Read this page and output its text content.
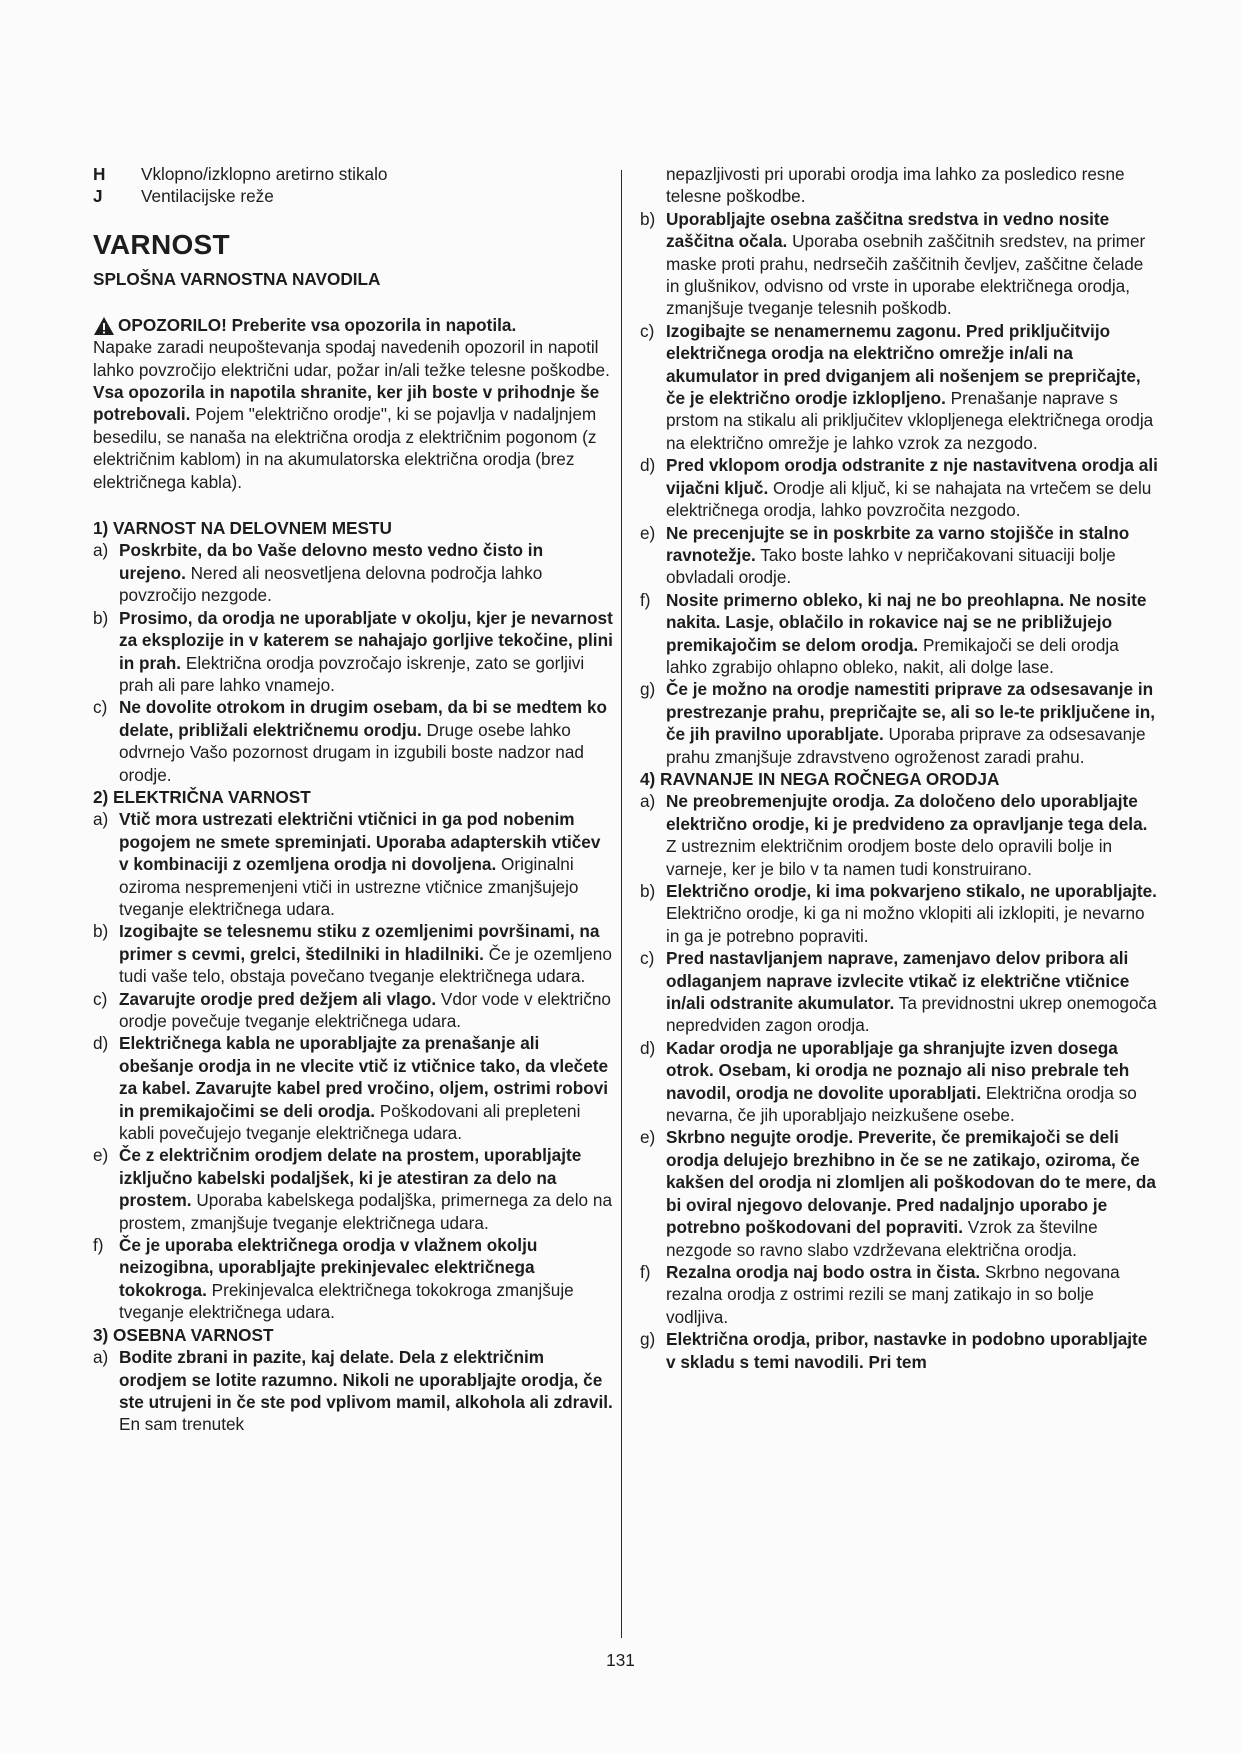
H	Vklopno/izklopno aretirno stikalo
J	Ventilacijske reže
VARNOST
SPLOŠNA VARNOSTNA NAVODILA
OPOZORILO! Preberite vsa opozorila in napotila.

Napake zaradi neupoštevanja spodaj navedenih opozoril in napotil lahko povzročijo električni udar, požar in/ali težke telesne poškodbe. Vsa opozorila in napotila shranite, ker jih boste v prihodnje še potrebovali. Pojem "električno orodje", ki se pojavlja v nadaljnjem besedilu, se nanaša na električna orodja z električnim pogonom (z električnim kablom) in na akumulatorska električna orodja (brez električnega kabla).

1) VARNOST NA DELOVNEM MESTU

a) Poskrbite, da bo Vaše delovno mesto vedno čisto in urejeno. Nered ali neosvetljena delovna področja lahko povzročijo nezgode.
b) Prosimo, da orodja ne uporabljate v okolju, kjer je nevarnost za eksplozije in v katerem se nahajajo gorljive tekočine, plini in prah. Električna orodja povzročajo iskrenje, zato se gorljivi prah ali pare lahko vnamejo.
c) Ne dovolite otrokom in drugim osebam, da bi se medtem ko delate, približali električnemu orodju. Druge osebe lahko odvrnejo Vašo pozornost drugam in izgubili boste nadzor nad orodje.

2) ELEKTRIČNA VARNOST

a) Vtič mora ustrezati električni vtičnici in ga pod nobenim pogojem ne smete spreminjati. Uporaba adapterskih vtičev v kombinaciji z ozemljena orodja ni dovoljena. Originalni oziroma nespremenjeni vtiči in ustrezne vtičnice zmanjšujejo tveganje električnega udara.
b) Izogibajte se telesnemu stiku z ozemljenimi površinami, na primer s cevmi, grelci, štedilniki in hladilniki. Če je ozemljeno tudi vaše telo, obstaja povečano tveganje električnega udara.
c) Zavarujte orodje pred dežjem ali vlago. Vdor vode v električno orodje povečuje tveganje električnega udara.
d) Električnega kabla ne uporabljajte za prenašanje ali obešanje orodja in ne vlecite vtič iz vtičnice tako, da vlečete za kabel. Zavarujte kabel pred vročino, oljem, ostrimi robovi in premikajočimi se deli orodja. Poškodovani ali prepleteni kabli povečujejo tveganje električnega udara.
e) Če z električnim orodjem delate na prostem, uporabljajte izključno kabelski podaljšek, ki je atestiran za delo na prostem. Uporaba kabelskega podaljška, primernega za delo na prostem, zmanjšuje tveganje električnega udara.
f) Če je uporaba električnega orodja v vlažnem okolju neizogibna, uporabljajte prekinjevalec električnega tokokroga. Prekinjevalca električnega tokokroga zmanjšuje tveganje električnega udara.

3) OSEBNA VARNOST

a) Bodite zbrani in pazite, kaj delate. Dela z električnim orodjem se lotite razumno. Nikoli ne uporabljajte orodja, če ste utrujeni in če ste pod vplivom mamil, alkohola ali zdravil. En sam trenutek

nepazljivosti pri uporabi orodja ima lahko za posledico resne telesne poškodbe.

b) Uporabljajte osebna zaščitna sredstva in vedno nosite zaščitna očala. Uporaba osebnih zaščitnih sredstev, na primer maske proti prahu, nedrsečih zaščitnih čevljev, zaščitne čelade in glušnikov, odvisno od vrste in uporabe električnega orodja, zmanjšuje tveganje telesnih poškodb.
c) Izogibajte se nenamernemu zagonu. Pred priključitvijo električnega orodja na električno omrežje in/ali na akumulator in pred dviganjem ali nošenjem se prepričajte, če je električno orodje izklopljeno. Prenašanje naprave s prstom na stikalu ali priključitev vklopljenega električnega orodja na električno omrežje je lahko vzrok za nezgodo.
d) Pred vklopom orodja odstranite z nje nastavitvena orodja ali vijačni ključ. Orodje ali ključ, ki se nahajata na vrtečem se delu električnega orodja, lahko povzročita nezgodo.
e) Ne precenjujte se in poskrbite za varno stojišče in stalno ravnotežje. Tako boste lahko v nepričakovani situaciji bolje obvladali orodje.
f) Nosite primerno obleko, ki naj ne bo preohlapna. Ne nosite nakita. Lasje, oblačilo in rokavice naj se ne približujejo premikajočim se delom orodja. Premikajoči se deli orodja lahko zgrabijo ohlapno obleko, nakit, ali dolge lase.
g) Če je možno na orodje namestiti priprave za odsesavanje in prestrezanje prahu, prepričajte se, ali so le-te priključene in, če jih pravilno uporabljate. Uporaba priprave za odsesavanje prahu zmanjšuje zdravstveno ogroženost zaradi prahu.

4) RAVNANJE IN NEGA ROČNEGA ORODJA

a) Ne preobremenjujte orodja. Za določeno delo uporabljajte električno orodje, ki je predvideno za opravljanje tega dela. Z ustreznim električnim orodjem boste delo opravili bolje in varneje, ker je bilo v ta namen tudi konstruirano.
b) Električno orodje, ki ima pokvarjeno stikalo, ne uporabljajte. Električno orodje, ki ga ni možno vklopiti ali izklopiti, je nevarno in ga je potrebno popraviti.
c) Pred nastavljanjem naprave, zamenjavo delov pribora ali odlaganjem naprave izvlecite vtikač iz električne vtičnice in/ali odstranite akumulator. Ta previdnostni ukrep onemogoča nepredviden zagon orodja.
d) Kadar orodja ne uporabljaje ga shranjujte izven dosega otrok. Osebam, ki orodja ne poznajo ali niso prebrale teh navodil, orodja ne dovolite uporabljati. Električna orodja so nevarna, če jih uporabljajo neizkušene osebe.
e) Skrbno negujte orodje. Preverite, če premikajoči se deli orodja delujejo brezhibno in če se ne zatikajo, oziroma, če kakšen del orodja ni zlomljen ali poškodovan do te mere, da bi oviral njegovo delovanje. Pred nadaljnjo uporabo je potrebno poškodovani del popraviti. Vzrok za številne nezgode so ravno slabo vzdrževana električna orodja.
f) Rezalna orodja naj bodo ostra in čista. Skrbno negovana rezalna orodja z ostrimi rezili se manj zatikajo in so bolje vodljiva.
g) Električna orodja, pribor, nastavke in podobno uporabljajte v skladu s temi navodili. Pri tem
131
